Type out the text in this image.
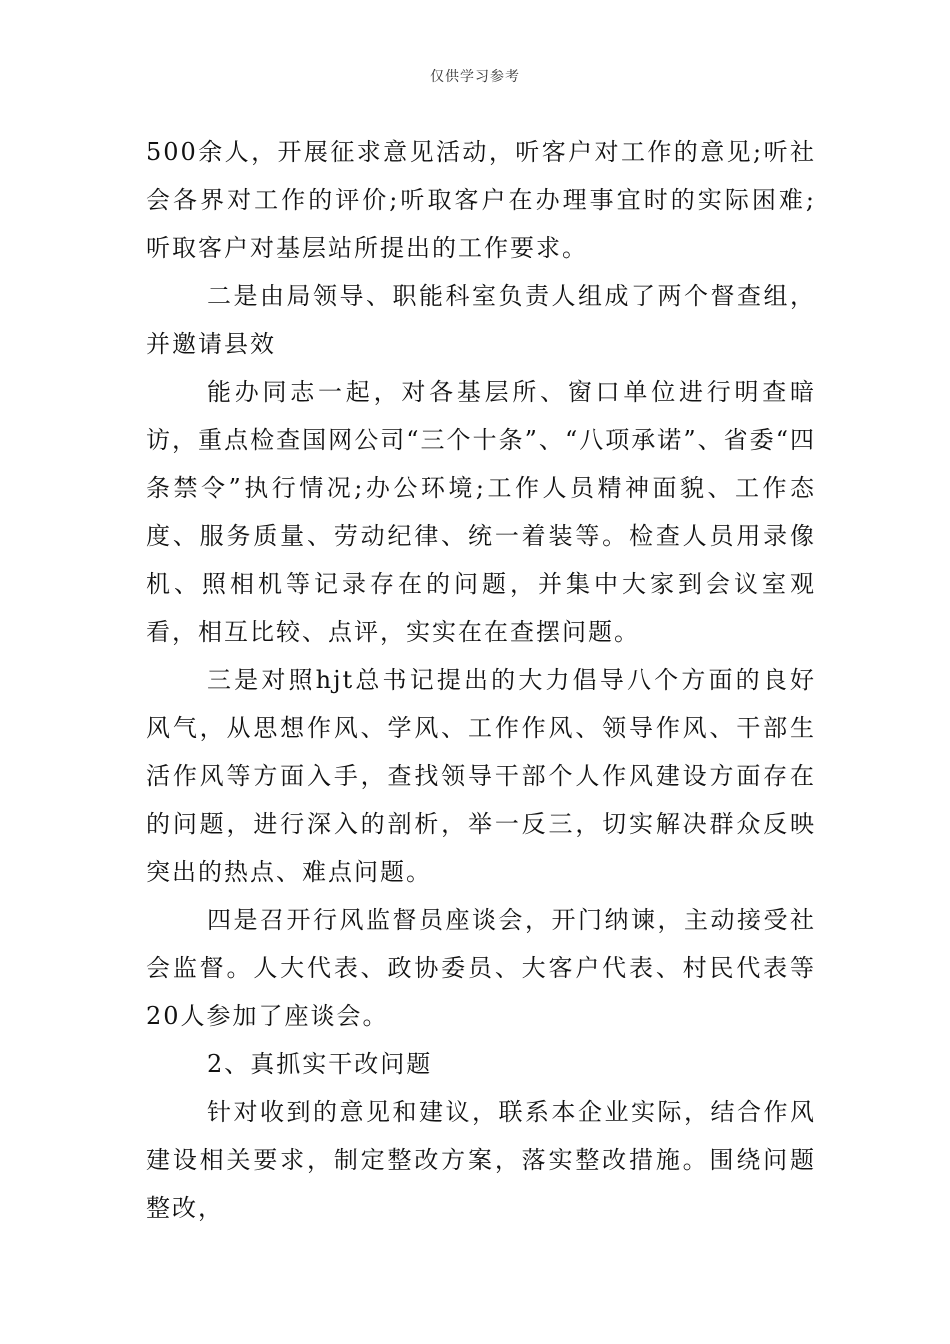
仅供学习参考

500余人，开展征求意见活动，听客户对工作的意见;听社会各界对工作的评价;听取客户在办理事宜时的实际困难;听取客户对基层站所提出的工作要求。

二是由局领导、职能科室负责人组成了两个督查组，并邀请县效

能办同志一起，对各基层所、窗口单位进行明查暗访，重点检查国网公司“三个十条”、“八项承诺”、省委“四条禁令”执行情况;办公环境;工作人员精神面貌、工作态度、服务质量、劳动纪律、统一着装等。检查人员用录像机、照相机等记录存在的问题，并集中大家到会议室观看，相互比较、点评，实实在在查摆问题。

三是对照hjt总书记提出的大力倡导八个方面的良好风气，从思想作风、学风、工作作风、领导作风、干部生活作风等方面入手，查找领导干部个人作风建设方面存在的问题，进行深入的剖析，举一反三，切实解决群众反映突出的热点、难点问题。

四是召开行风监督员座谈会，开门纳谏，主动接受社会监督。人大代表、政协委员、大客户代表、村民代表等20人参加了座谈会。

2、真抓实干改问题

针对收到的意见和建议，联系本企业实际，结合作风建设相关要求，制定整改方案，落实整改措施。围绕问题整改，
